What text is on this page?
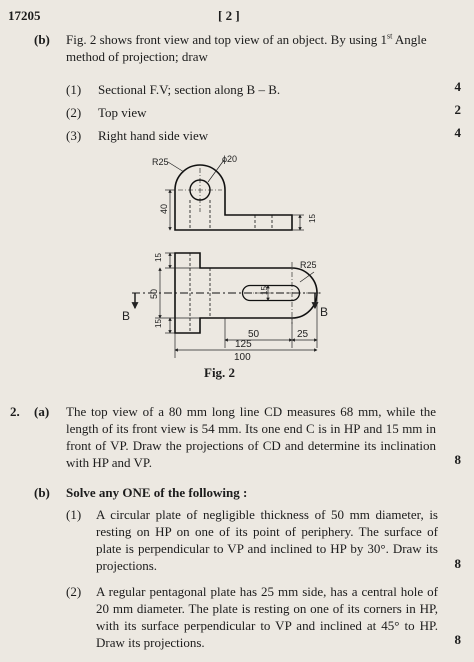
17205	[ 2 ]
(b) Fig. 2 shows front view and top view of an object. By using 1st Angle method of projection; draw
(1) Sectional F.V; section along B – B.	4
(2) Top view	2
(3) Right hand side view	4
R25	ϕ20
40
15
B	B
15
50
15
15
R25
50	25
125
100
Fig. 2
2. (a) The top view of a 80 mm long line CD measures 68 mm, while the length of its front view is 54 mm. Its one end C is in HP and 15 mm in front of VP. Draw the projections of CD and determine its inclination with HP and VP.	8
(b) Solve any ONE of the following :
(1) A circular plate of negligible thickness of 50 mm diameter, is resting on HP on one of its point of periphery. The surface of plate is perpendicular to VP and inclined to HP by 30°. Draw its projections.	8
(2) A regular pentagonal plate has 25 mm side, has a central hole of 20 mm diameter. The plate is resting on one of its corners in HP, with its surface perpendicular to VP and inclined at 45° to HP. Draw its projections.	8
